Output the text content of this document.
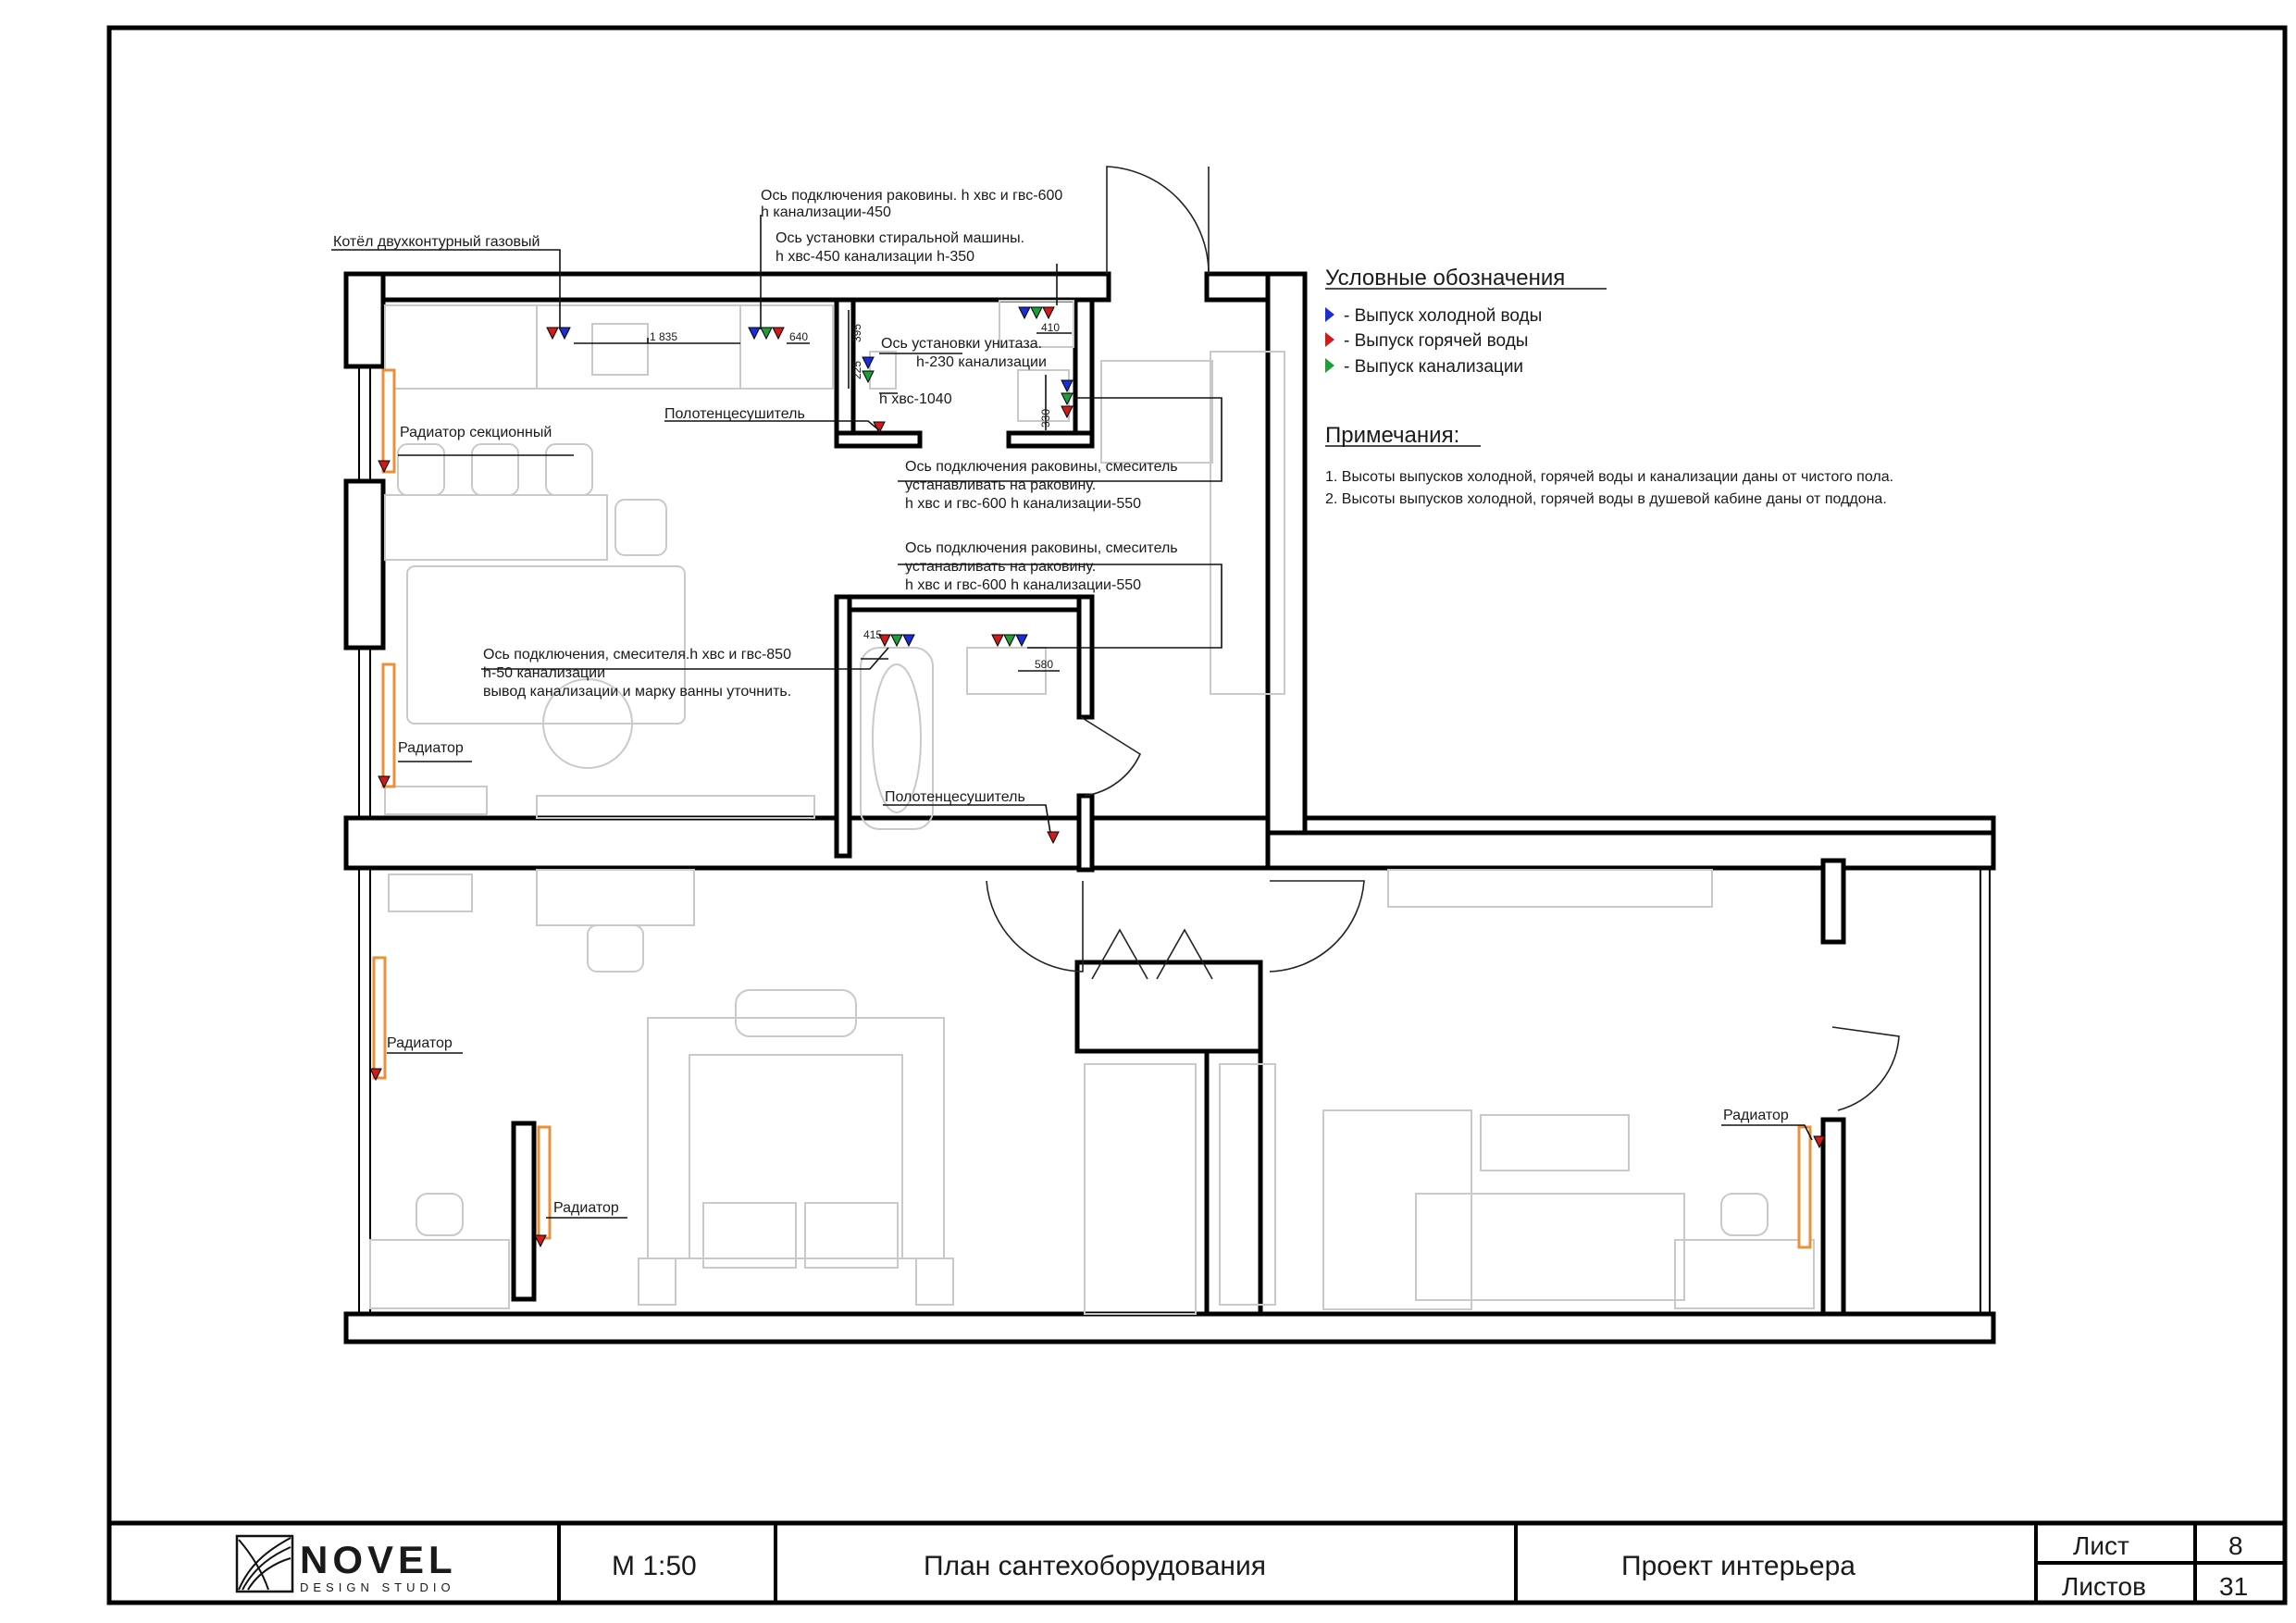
Котёл двухконтурный газовый
Ось подключения раковины. h хвс и гвс-600
h канализации-450
Ось установки стиральной машины.
h хвс-450 канализации h-350
Ось установки унитаза.
h-230 канализации
h хвс-1040
Полотенцесушитель
Радиатор секционный
Ось подключения раковины, смеситель
устанавливать на раковину.
h хвс и гвс-600 h канализации-550
Ось подключения раковины, смеситель
устанавливать на раковину.
h хвс и гвс-600 h канализации-550
Ось подключения, смесителя.h хвс и гвс-850
h-50 канализации
вывод канализации и марку ванны уточнить.
Радиатор
Полотенцесушитель
Радиатор
Радиатор
Радиатор
1 835	640
410
415
580
395
225
330
Условные обозначения
- Выпуск холодной воды
- Выпуск горячей воды
- Выпуск канализации
Примечания:
1. Высоты выпусков холодной, горячей воды и канализации даны от чистого пола.
2. Высоты выпусков холодной, горячей воды в душевой кабине даны от поддона.
NOVEL
DESIGN STUDIO
М 1:50	План сантехоборудования	Проект интерьера
Лист	8
Листов	31
